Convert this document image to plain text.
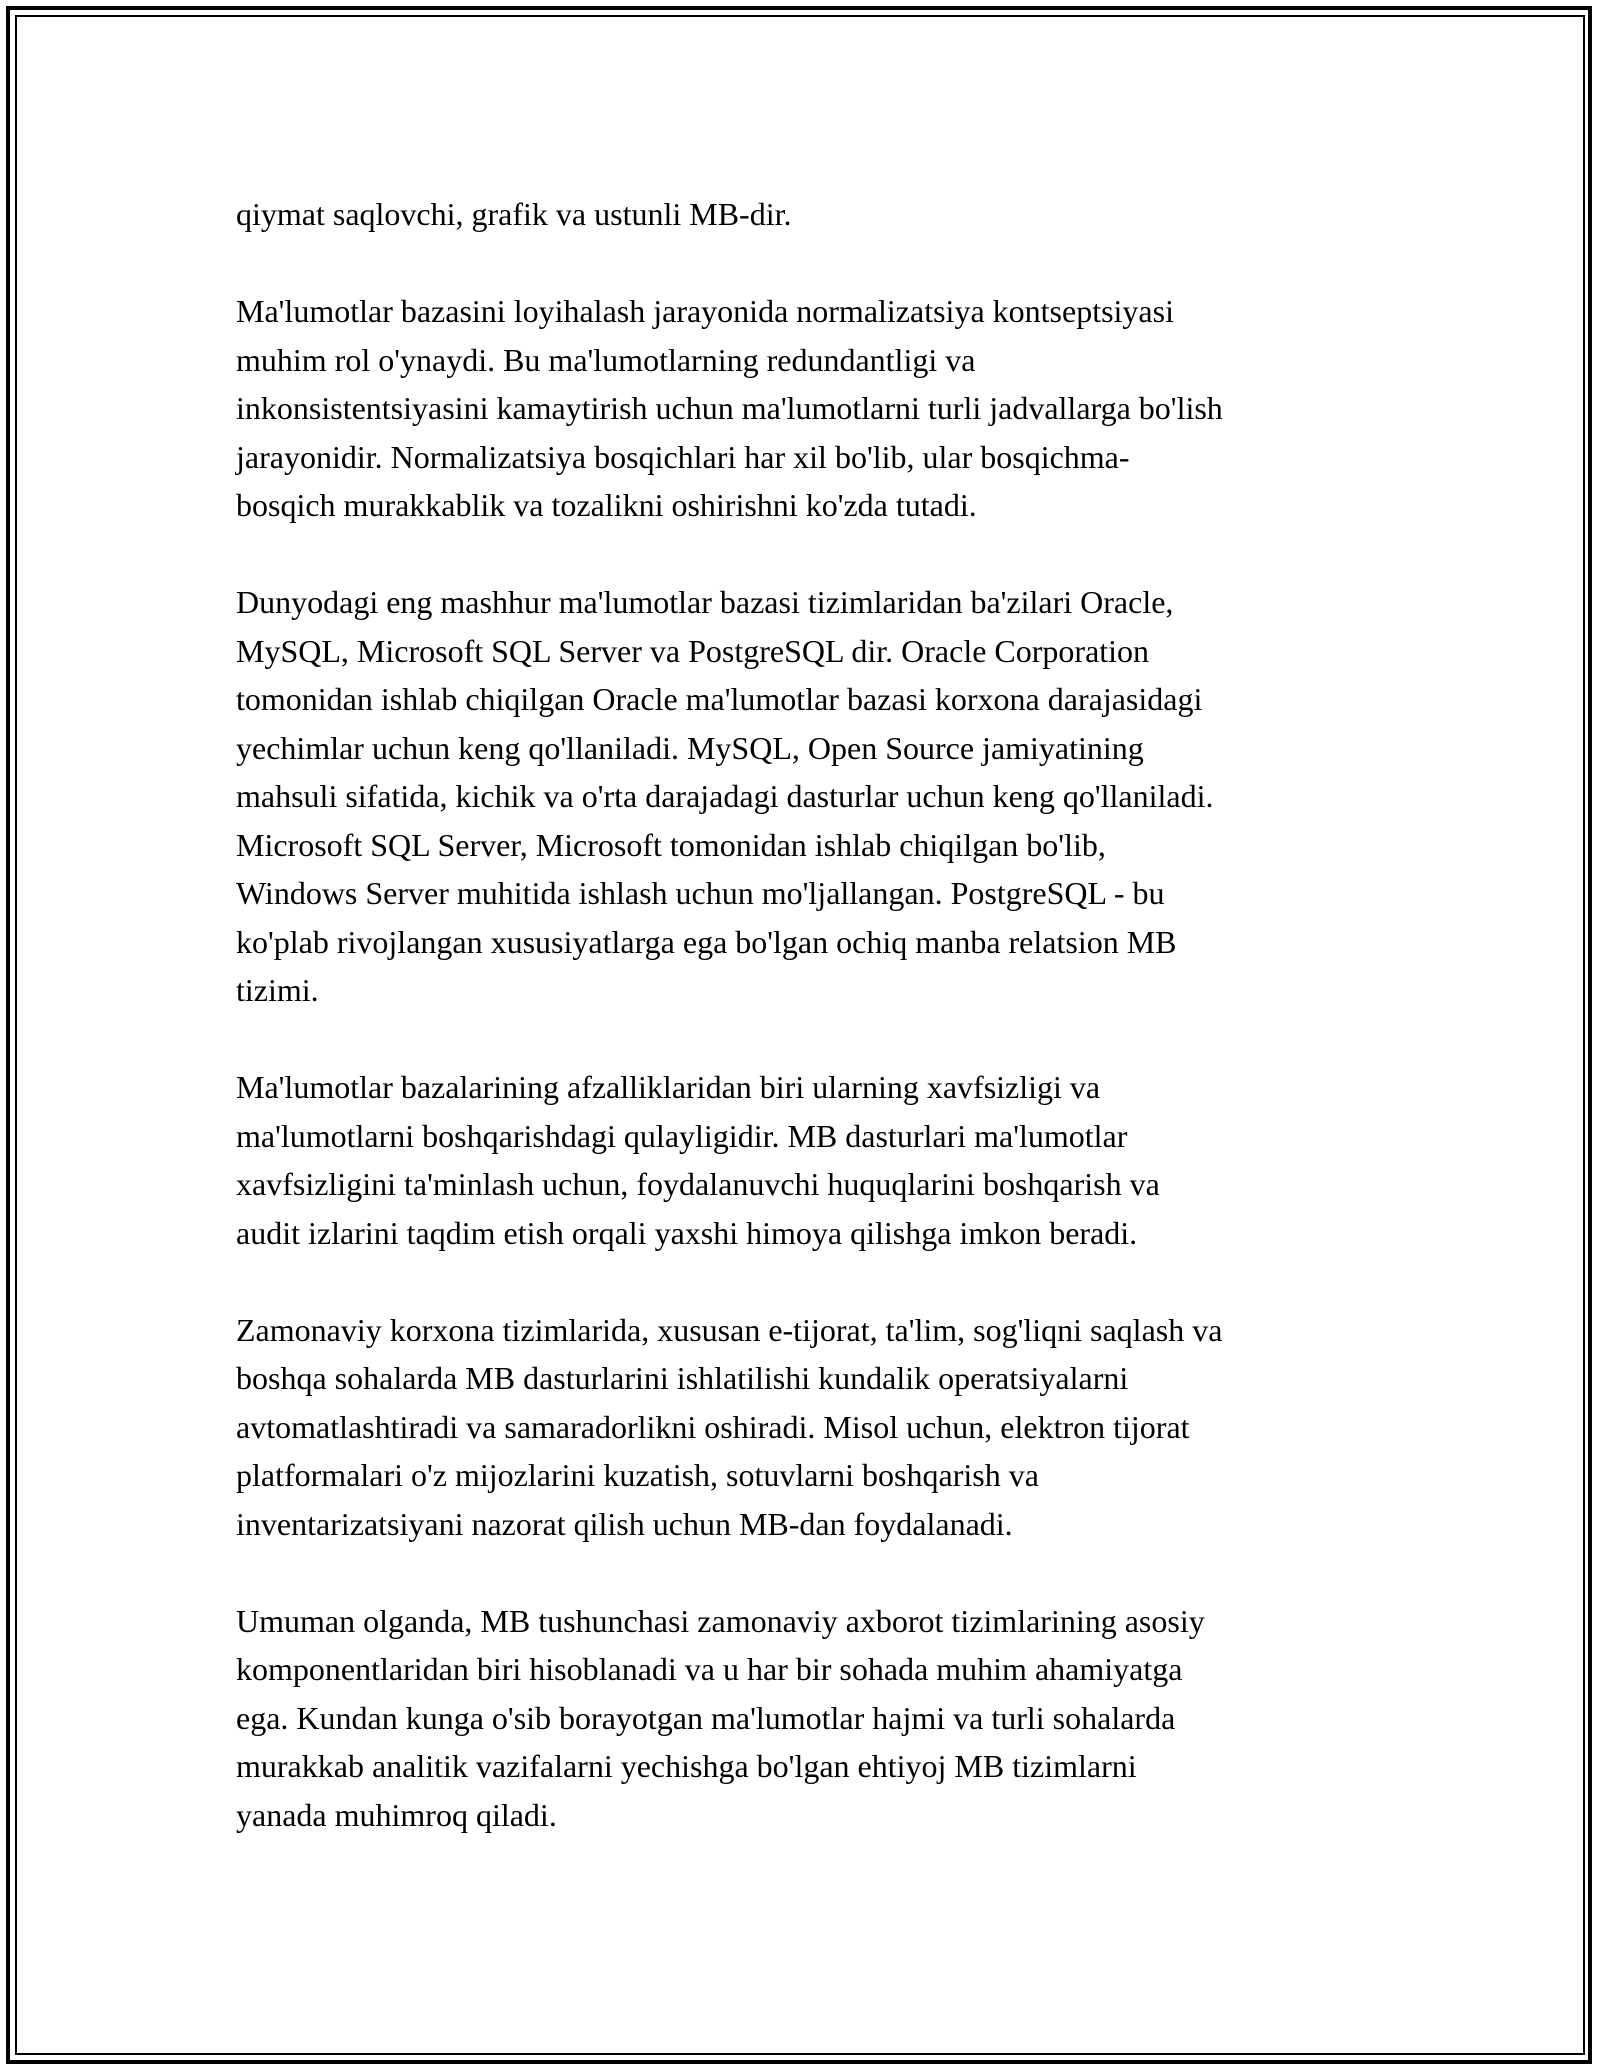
qiymat saqlovchi, grafik va ustunli MB-dir.

Ma'lumotlar bazasini loyihalash jarayonida normalizatsiya kontseptsiyasi
muhim rol o'ynaydi. Bu ma'lumotlarning redundantligi va
inkonsistentsiyasini kamaytirish uchun ma'lumotlarni turli jadvallarga bo'lish
jarayonidir. Normalizatsiya bosqichlari har xil bo'lib, ular bosqichma-
bosqich murakkablik va tozalikni oshirishni ko'zda tutadi.

Dunyodagi eng mashhur ma'lumotlar bazasi tizimlaridan ba'zilari Oracle,
MySQL, Microsoft SQL Server va PostgreSQL dir. Oracle Corporation
tomonidan ishlab chiqilgan Oracle ma'lumotlar bazasi korxona darajasidagi
yechimlar uchun keng qo'llaniladi. MySQL, Open Source jamiyatining
mahsuli sifatida, kichik va o'rta darajadagi dasturlar uchun keng qo'llaniladi.
Microsoft SQL Server, Microsoft tomonidan ishlab chiqilgan bo'lib,
Windows Server muhitida ishlash uchun mo'ljallangan. PostgreSQL - bu
ko'plab rivojlangan xususiyatlarga ega bo'lgan ochiq manba relatsion MB
tizimi.

Ma'lumotlar bazalarining afzalliklaridan biri ularning xavfsizligi va
ma'lumotlarni boshqarishdagi qulayligidir. MB dasturlari ma'lumotlar
xavfsizligini ta'minlash uchun, foydalanuvchi huquqlarini boshqarish va
audit izlarini taqdim etish orqali yaxshi himoya qilishga imkon beradi.

Zamonaviy korxona tizimlarida, xususan e-tijorat, ta'lim, sog'liqni saqlash va
boshqa sohalarda MB dasturlarini ishlatilishi kundalik operatsiyalarni
avtomatlashtiradi va samaradorlikni oshiradi. Misol uchun, elektron tijorat
platformalari o'z mijozlarini kuzatish, sotuvlarni boshqarish va
inventarizatsiyani nazorat qilish uchun MB-dan foydalanadi.

Umuman olganda, MB tushunchasi zamonaviy axborot tizimlarining asosiy
komponentlaridan biri hisoblanadi va u har bir sohada muhim ahamiyatga
ega. Kundan kunga o'sib borayotgan ma'lumotlar hajmi va turli sohalarda
murakkab analitik vazifalarni yechishga bo'lgan ehtiyoj MB tizimlarni
yanada muhimroq qiladi.
